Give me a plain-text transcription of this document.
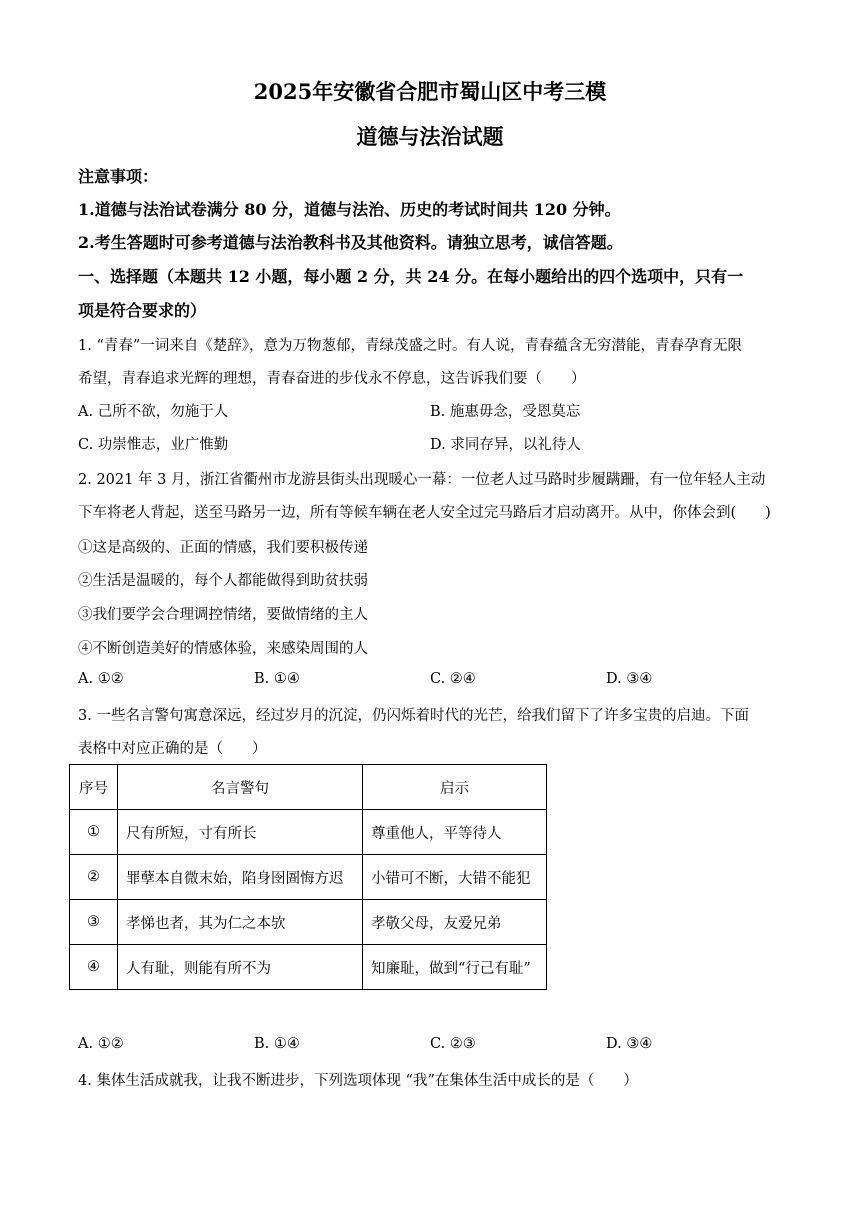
2025年安徽省合肥市蜀山区中考三模
道德与法治试题
注意事项：
1.道德与法治试卷满分 80 分，道德与法治、历史的考试时间共 120 分钟。
2.考生答题时可参考道德与法治教科书及其他资料。请独立思考，诚信答题。
一、选择题（本题共 12 小题，每小题 2 分，共 24 分。在每小题给出的四个选项中，只有一
项是符合要求的）
1. “青春”一词来自《楚辞》，意为万物葱郁，青绿茂盛之时。有人说，青春蕴含无穷潜能，青春孕育无限
希望，青春追求光辉的理想，青春奋进的步伐永不停息，这告诉我们要（　　）
A. 己所不欲，勿施于人	B. 施惠毋念，受恩莫忘
C. 功崇惟志，业广惟勤	D. 求同存异，以礼待人
2. 2021 年 3 月，浙江省衢州市龙游县街头出现暖心一幕：一位老人过马路时步履蹒跚，有一位年轻人主动
下车将老人背起，送至马路另一边，所有等候车辆在老人安全过完马路后才启动离开。从中，你体会到(　　)
①这是高级的、正面的情感，我们要积极传递
②生活是温暖的，每个人都能做得到助贫扶弱
③我们要学会合理调控情绪，要做情绪的主人
④不断创造美好的情感体验，来感染周围的人
A. ①②	B. ①④	C. ②④	D. ③④
3. 一些名言警句寓意深远，经过岁月的沉淀，仍闪烁着时代的光芒，给我们留下了许多宝贵的启迪。下面
表格中对应正确的是（　　）
序号	名言警句	启示
①	尺有所短，寸有所长	尊重他人，平等待人
②	罪孽本自微末始，陷身囹圄悔方迟	小错可不断，大错不能犯
③	孝悌也者，其为仁之本欤	孝敬父母，友爱兄弟
④	人有耻，则能有所不为	知廉耻，做到“行己有耻”
A. ①②	B. ①④	C. ②③	D. ③④
4. 集体生活成就我，让我不断进步，下列选项体现 “我”在集体生活中成长的是（　　）
